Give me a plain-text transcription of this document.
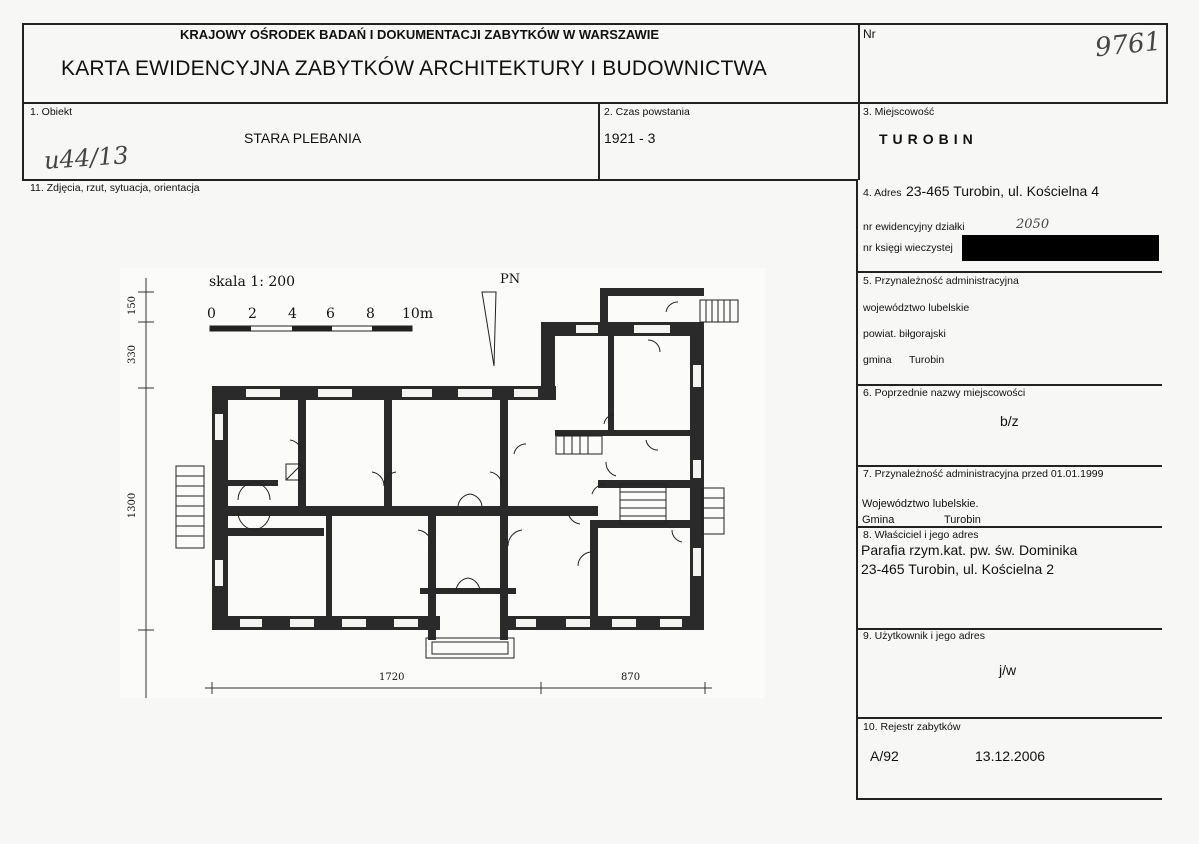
KRAJOWY OŚRODEK BADAŃ I DOKUMENTACJI ZABYTKÓW W WARSZAWIE
KARTA EWIDENCYJNA ZABYTKÓW ARCHITEKTURY I BUDOWNICTWA
Nr	9761
1. Obiekt
STARA PLEBANIA
u44/13
2. Czas powstania
1921 - 3
3. Miejscowość
TUROBIN
4. Adres 23-465 Turobin, ul. Kościelna 4
nr ewidencyjny działki	2050
nr księgi wieczystej
5. Przynależność administracyjna
województwo lubelskie
powiat. biłgorajski
gmina Turobin
6. Poprzednie nazwy miejscowości
b/z
7. Przynależność administracyjna przed 01.01.1999
Województwo lubelskie.
Gmina	Turobin
8. Właściciel i jego adres
Parafia rzym.kat. pw. św. Dominika
23-465 Turobin, ul. Kościelna 2
9. Użytkownik i jego adres
j/w
10. Rejestr zabytków
A/92	13.12.2006
11. Zdjęcia, rzut, sytuacja, orientacja
skala 1: 200
0 2 4 6 8 10m
PN
150
330
1300
1720	870
